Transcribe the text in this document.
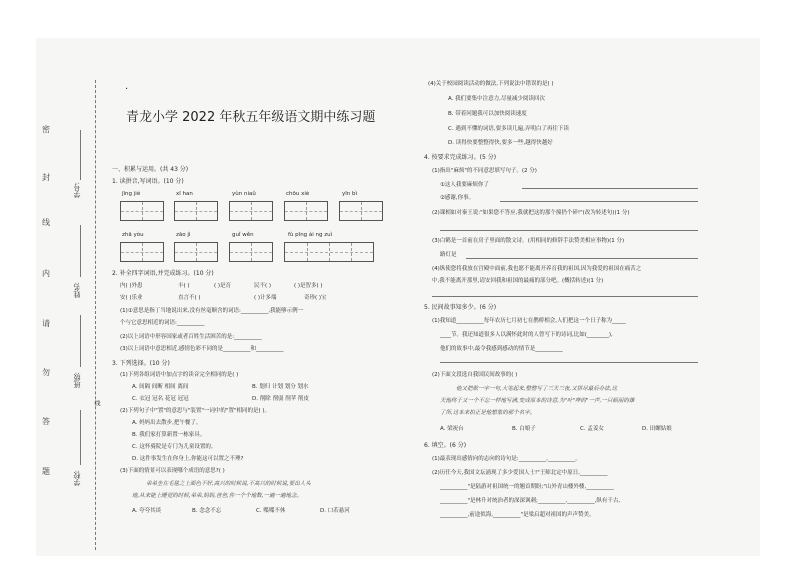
·
线
密
封
线
内
请
勿
答
题
学号:
姓名:
班级:
学校:
青龙小学 2022 年秋五年级语文期中练习题
一、积累与运用。(共 43 分)
1. 读拼音,写词语。(10 分)
jīng jié	xī han	yùn niaǔ	chōu xiè	yīn bì
zhā yòu	zāo jì	guǐ wěn	fù pīng ài ng zuì
2. 补全四字词语,并完成练习。(10 分)
内( )外患	丰( )	( )是育	民不( )	( )是智多( )
安( )乐业	直言不( )	( )计多端	奇珍( )宝
(1)①意思是指丁当地说出来,没有丝毫顺含的词语:__________,我能够示例一
个与它意思相近的词语:__________
(2)以上词语中形容国家或者百姓生活困苦的是:__________
(3)以上词语中意思相近,感情色彩不同的是__________和__________
3. 下列选择。(10 分)
(1)下列各组词语中加点字的读音完全相同的是( )
A. 间隔 间断 相间 离间	B. 划归 计划 划分 划水
C. 衣冠 冠名 花冠 冠冠	D. 削除 削弱 削苹 削皮
(2)下列句子中"置"的意思与"装置"一词中的"置"相同的是( )。
A. 妈妈出去散步,把午餐了。
B. 我们家打算新置一栋家具。
C. 这怀骑院是专门为儿童设置的。
D. 这件事发生在你身上,你能这可以置之不理?
(3)下面的情景可以表现哪个成语的意思?( )
弟弟坐在毛毯之上面色不好,高兴的时候说,不高兴的时候说,要出人头
地,从来能上睡觉的时候,弟弟,妈妈,爸爸,你一个个地数,一遍一遍地念。
A. 夸夸其谈	B. 念念不忘	C. 喋喋不休	D. 口若悬河
(4)关于校园阅读活动的做法,下列说法中错误的是( )
A. 我们要集中注意力,尽量减少阅读回次
B. 带着问题我可以加快阅读速度
C. 遇到不懂的词语,要多读几遍,弄明白了再往下读
D. 读得快要整整得快,要多一些,越得快越好
4. 按要求完成练习。(5 分)
(1)指出"麻烦"的不同意思填写句子。(2 分)
①这人我要麻烦你了
②感谢,你事。
(2)课相如对秦王说:"如果您不答应,我就把这的那个撞扔个碎!"(改为转述句)(1 分)
(3)白鹤是一首前在房子里面的散文诗。(用相同的修辞手法赞美相应事物)(1 分)
路灯是
(4)纵使您将我放在宫殿中面前,我也愿不能离开养育我的祖国,因为我爱的祖国在痛苦之
中,我不能离开那里,请安回我和祖国的最痛的部分吧。(概括转述)(1 分)
5. 民间故事知多少。(6 分)
(1)我知道__________每年农历七月初七在鹊桥相会,人们把这一个日子称为_____
____节。我还知道很多人以满怀此时的人曾写下的诗词,比如(________),
他们的故事中,最令我感到感动的情节是__________
(2)下面文段选自我国民间故事的( )
他又把歌一字一句,大笔起来,整整写了三天三夜,又拼尽最后办法,这
天他终于又一个不忘一样地写满,变成原本的诗意,为"叶"哗的"一声,一只硕丽的雄
了所,这本来拍正是他想象的那个名字。
A. 梁祝台	B. 白娘子	C. 孟姜女	D. 田螺姑娘
6. 填空。(6 分)
(1)最表现出感情向的志向的诗句是:__________,__________。
(2)历任今天,我国文坛涌现了多少爱国人士!"王师北定中原日,__________
__________"是陆游对祖国统一的翘首期盼;"山外青山楼外楼,__________
__________"是林升对统治者的深深讽刺;__________,__________,纵有千古,
__________,前途似海,__________"是梁启超对祖国的声声赞美。
